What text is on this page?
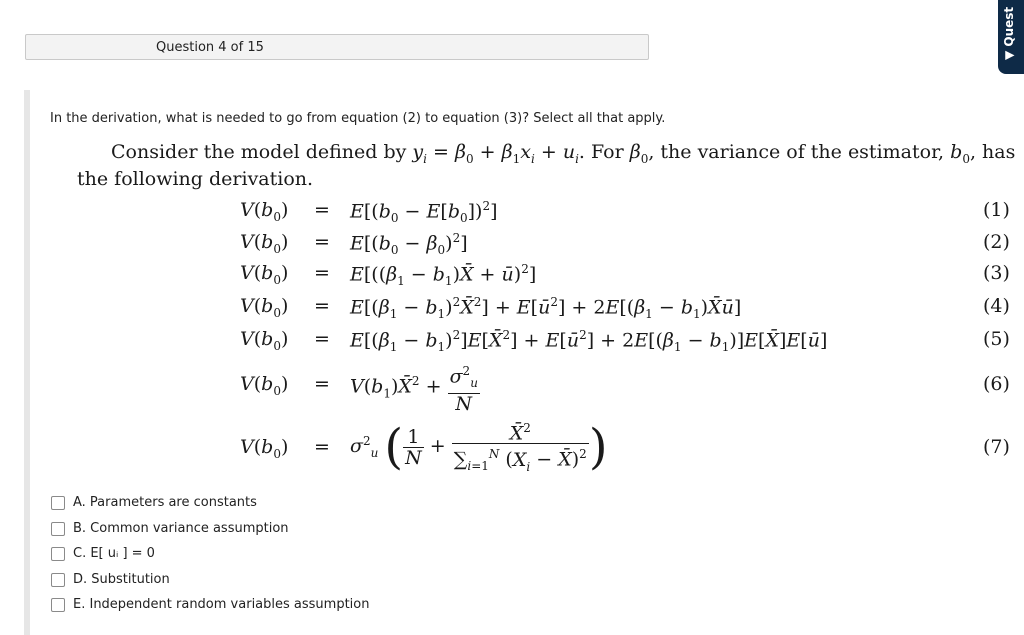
Question 4 of 15	▼ Quest
In the derivation, what is needed to go from equation (2) to equation (3)? Select all that apply.
Consider the model defined by $y_i = \beta_0 + \beta_1x_i + u_i$. For $\beta_0$, the variance of the estimator, $b_0$, has
the following derivation.
$V(b_0) = E[(b_0 - E[b_0])^2]$	(1)
$V(b_0) = E[(b_0 - \beta_0)^2]$	(2)
$V(b_0) = E[((\beta_1$ − $b_1)X̄$ + ū)$^2$]	(3)
$V(b_0) = E[(\beta_1$ − $b_1)^2X̄^2$] + $E[ū^2] + 2E[(\beta_1$ − $b_1)X̄ū$]	(4)
$V(b_0) = E[(\beta_1$ − $b_1)^2]E[X̄^2]$ + $E[ū^2] + 2E[(\beta_1$ − $b_1)]E[X̄]E[ū]$	(5)
$V(b_0)$ = $V(b_1)X̄^2 + \frac{\sigma^2_u}{N}$	(6)
$V(b_0) = \sigma^2_u$ ( $\frac{1}{N} + \frac{X̄^2}{\sum_{i=1}^N (X_i - X̄)^2}$ )	(7)
A. Parameters are constants
B. Common variance assumption
C. E[ uᵢ ] = 0
D. Substitution
E. Independent random variables assumption
